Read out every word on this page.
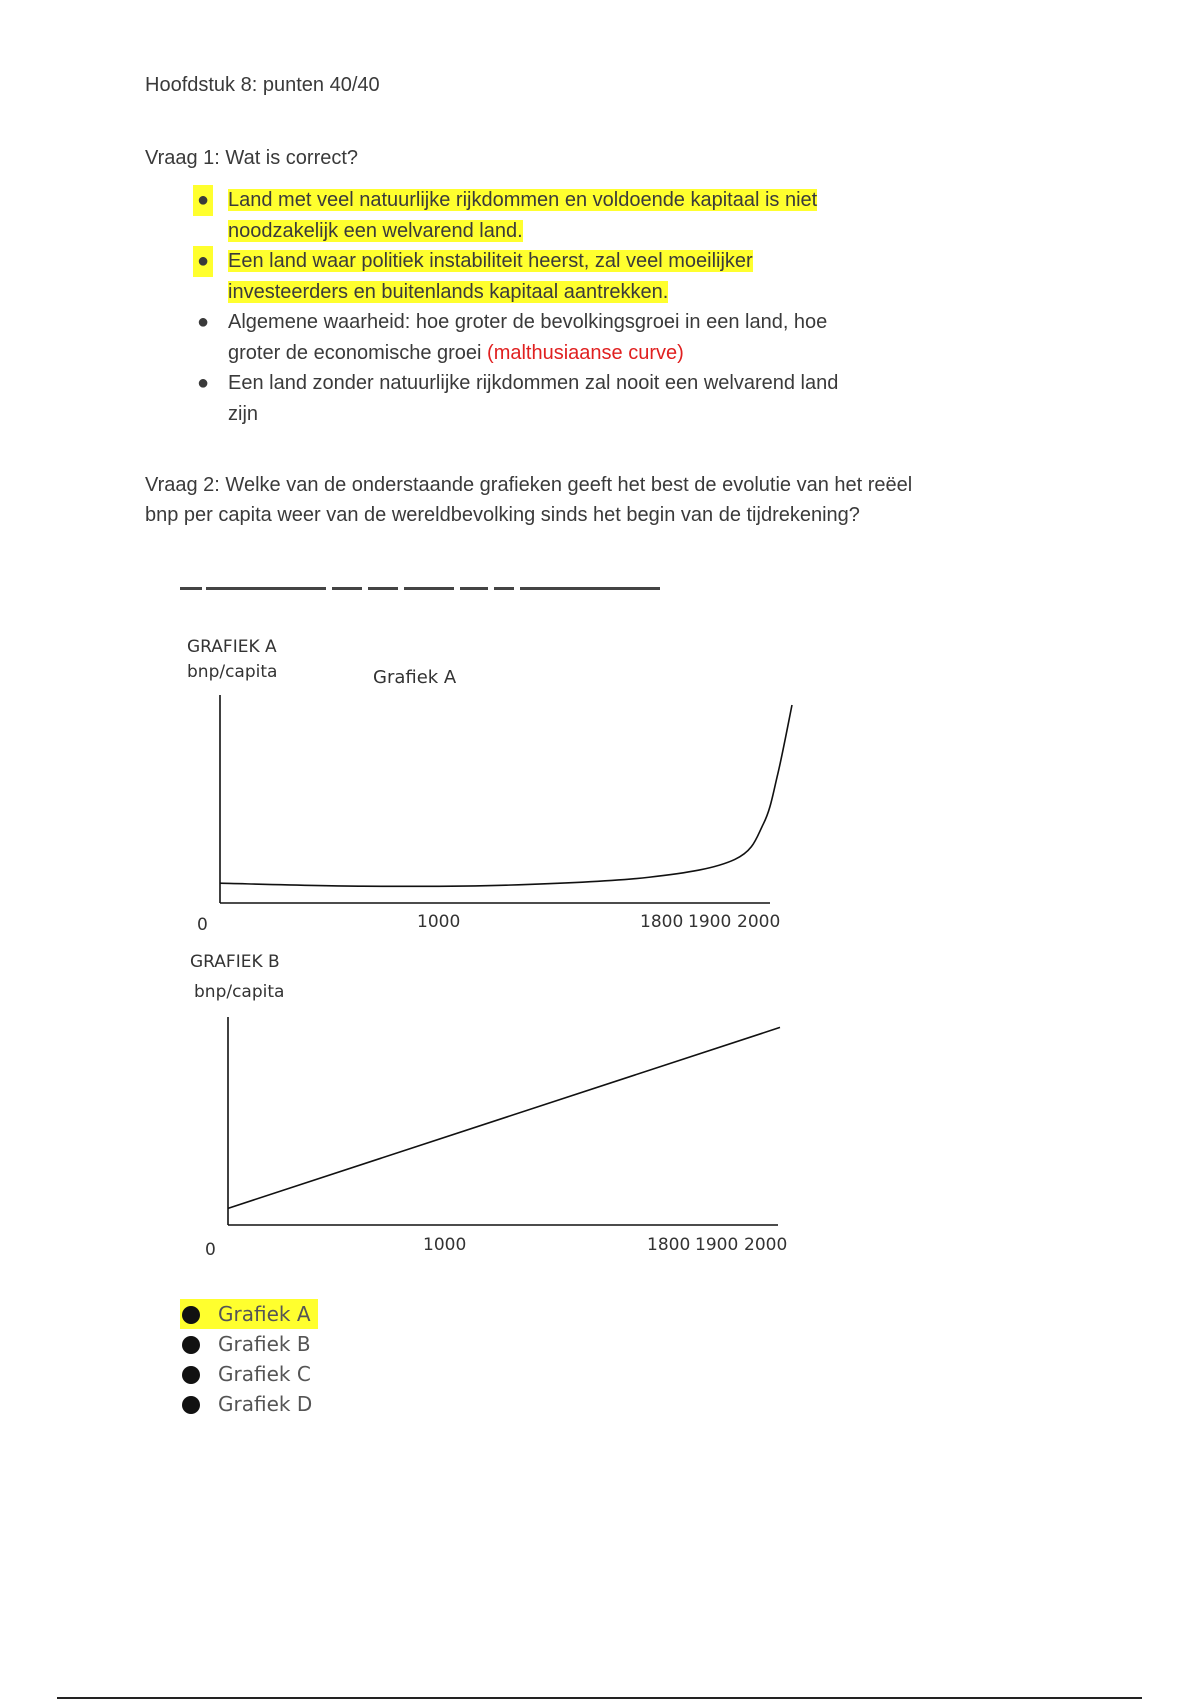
Hoofdstuk 8: punten 40/40
Vraag 1: Wat is correct?
● Land met veel natuurlijke rijkdommen en voldoende kapitaal is niet
noodzakelijk een welvarend land.
● Een land waar politiek instabiliteit heerst, zal veel moeilijker
investeerders en buitenlands kapitaal aantrekken.
● Algemene waarheid: hoe groter de bevolkingsgroei in een land, hoe
groter de economische groei (malthusiaanse curve)
● Een land zonder natuurlijke rijkdommen zal nooit een welvarend land
zijn
Vraag 2: Welke van de onderstaande grafieken geeft het best de evolutie van het reëel
bnp per capita weer van de wereldbevolking sinds het begin van de tijdrekening?
GRAFIEK A
bnp/capita	Grafiek A
0	1000	1800 1900 2000
GRAFIEK B
bnp/capita
0	1000	1800 1900 2000
Grafiek A
Grafiek B
Grafiek C
Grafiek D
